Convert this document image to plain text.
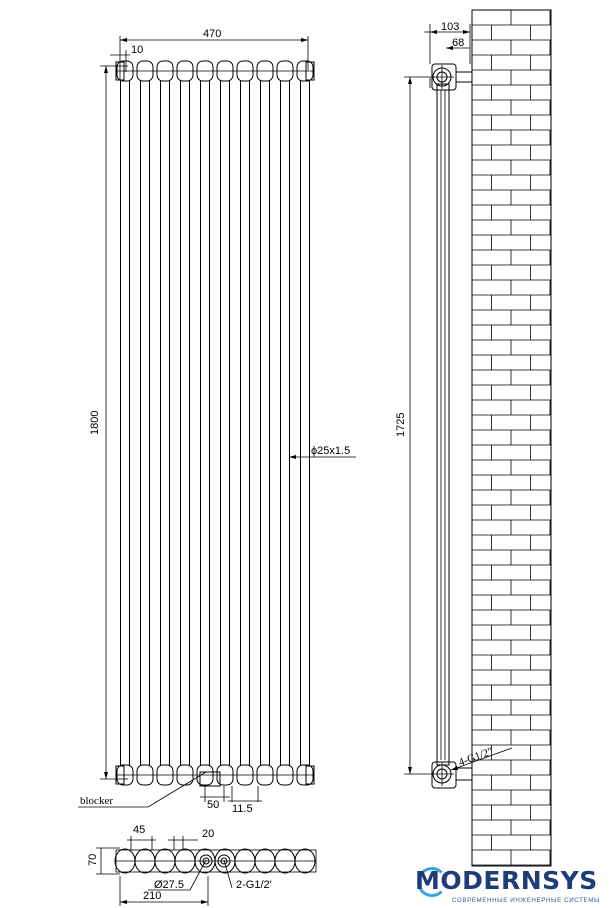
470
10
1800
ϕ25x1.5
blocker	50 11.5
103
68
1725
4-G1/2"
45	20
70
Ø27.5	2-G1/2'
210
MODERNSYS
СОВРЕМЕННЫЕ ИНЖЕНЕРНЫЕ СИСТЕМЫ
